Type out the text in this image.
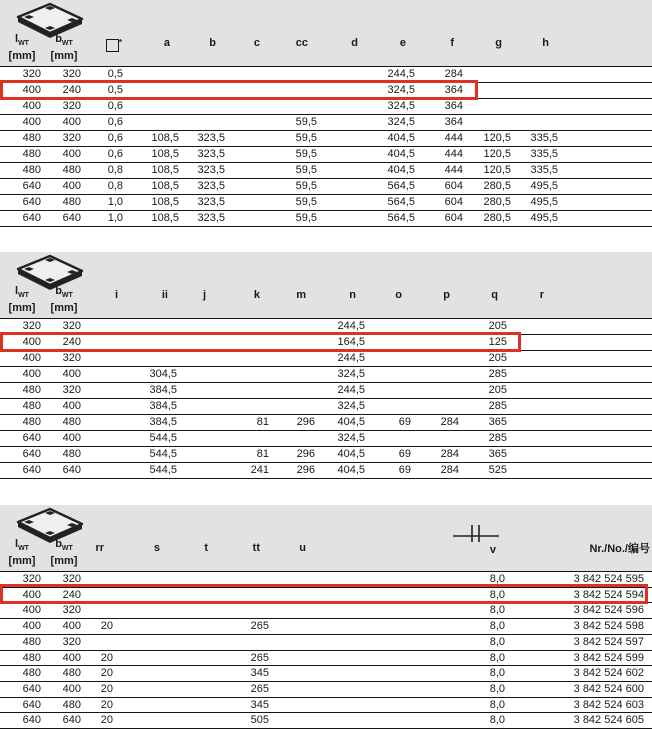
$l_{WT}$
[mm]

$b_{WT}$
[mm]

*	a	b	c	cc	d	e	f	g	h

320	320	0,5						244,5	284			
400	240	0,5						324,5	364			
400	320	0,6						324,5	364			
400	400	0,6				59,5		324,5	364			
480	320	0,6	108,5	323,5		59,5		404,5	444	120,5	335,5	
480	400	0,6	108,5	323,5		59,5		404,5	444	120,5	335,5	
480	480	0,8	108,5	323,5		59,5		404,5	444	120,5	335,5	
640	400	0,8	108,5	323,5		59,5		564,5	604	280,5	495,5	
640	480	1,0	108,5	323,5		59,5		564,5	604	280,5	495,5	
640	640	1,0	108,5	323,5		59,5		564,5	604	280,5	495,5	
$l_{WT}$
[mm]

$b_{WT}$
[mm]

i	ii	j	k	m	n	o	p	q	r

320	320						244,5			205		
400	240						164,5			125		
400	320						244,5			205		
400	400		304,5				324,5			285		
480	320		384,5				244,5			205		
480	400		384,5				324,5			285		
480	480		384,5		81	296	404,5	69	284	365		
640	400		544,5				324,5			285		
640	480		544,5		81	296	404,5	69	284	365		
640	640		544,5		241	296	404,5	69	284	525		
$l_{WT}$
[mm]

$b_{WT}$
[mm]

rr	s	t	tt	u	v	Nr./No./编号

320	320						8,0	3 842 524 595
400	240						8,0	3 842 524 594
400	320						8,0	3 842 524 596
400	400	20			265		8,0	3 842 524 598
480	320						8,0	3 842 524 597
480	400	20			265		8,0	3 842 524 599
480	480	20			345		8,0	3 842 524 602
640	400	20			265		8,0	3 842 524 600
640	480	20			345		8,0	3 842 524 603
640	640	20			505		8,0	3 842 524 605
